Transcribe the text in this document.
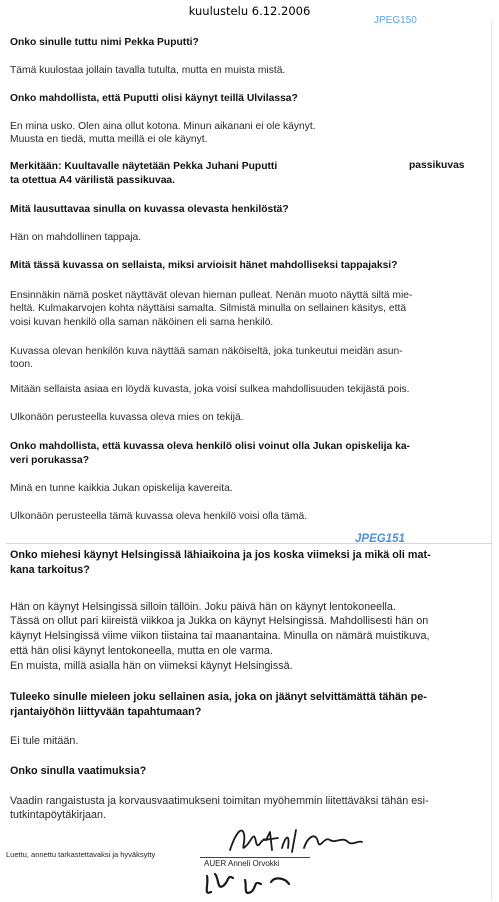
kuulustelu 6.12.2006
JPEG150
Onko sinulle tuttu nimi Pekka Puputti?
Tämä kuulostaa jollain tavalla tutulta, mutta en muista mistä.
Onko mahdollista, että Puputti olisi käynyt teillä Ulvilassa?
En mina usko. Olen aina ollut kotona. Minun aikanani ei ole käynyt.
Muusta en tiedä, mutta meillä ei ole käynyt.
Merkitään: Kuultavalle näytetään Pekka Juhani Puputti	passikuvas
ta otettua A4 värilistä passikuvaa.
Mitä lausuttavaa sinulla on kuvassa olevasta henkilöstä?
Hän on mahdollinen tappaja.
Mitä tässä kuvassa on sellaista, miksi arvioisit hänet mahdolliseksi tappajaksi?
Ensinnäkin nämä posket näyttävät olevan hieman pulleat. Nenän muoto näyttä siltä mie-
heltä. Kulmakarvojen kohta näyttäisi samalta. Silmistä minulla on sellainen käsitys, että
voisi kuvan henkilö olla saman näköinen eli sama henkilö.
Kuvassa olevan henkilön kuva näyttää saman näköiseltä, joka tunkeutui meidän asun-
toon.
Mitään sellaista asiaa en löydä kuvasta, joka voisi sulkea mahdollisuuden tekijästä pois.
Ulkonäön perusteella kuvassa oleva mies on tekijä.
Onko mahdollista, että kuvassa oleva henkilö olisi voinut olla Jukan opiskelija ka-
veri porukassa?
Minä en tunne kaikkia Jukan opiskelija kavereita.
Ulkonäön perusteella tämä kuvassa oleva henkilö voisi olla tämä.
JPEG151
Onko miehesi käynyt Helsingissä lähiaikoina ja jos koska viimeksi ja mikä oli mat-
kana tarkoitus?
Hän on käynyt Helsingissä silloin tällöin. Joku päivä hän on käynyt lentokoneella.
Tässä on ollut pari kiireistä viikkoa ja Jukka on käynyt Helsingissä. Mahdollisesti hän on
käynyt Helsingissä viime viikon tiistaina tai maanantaina. Minulla on nämärä muistikuva,
että hän olisi käynyt lentokoneella, mutta en ole varma.
En muista, millä asialla hän on viimeksi käynyt Helsingissä.
Tuleeko sinulle mieleen joku sellainen asia, joka on jäänyt selvittämättä tähän pe-
rjantaiyöhön liittyvään tapahtumaan?
Ei tule mitään.
Onko sinulla vaatimuksia?
Vaadin rangaistusta ja korvausvaatimukseni toimitan myöhemmin liitettäväksi tähän esi-
tutkintapöytäkirjaan.
Luettu, annettu tarkastettavaksi ja hyväksytty
AUER Anneli Orvokki
